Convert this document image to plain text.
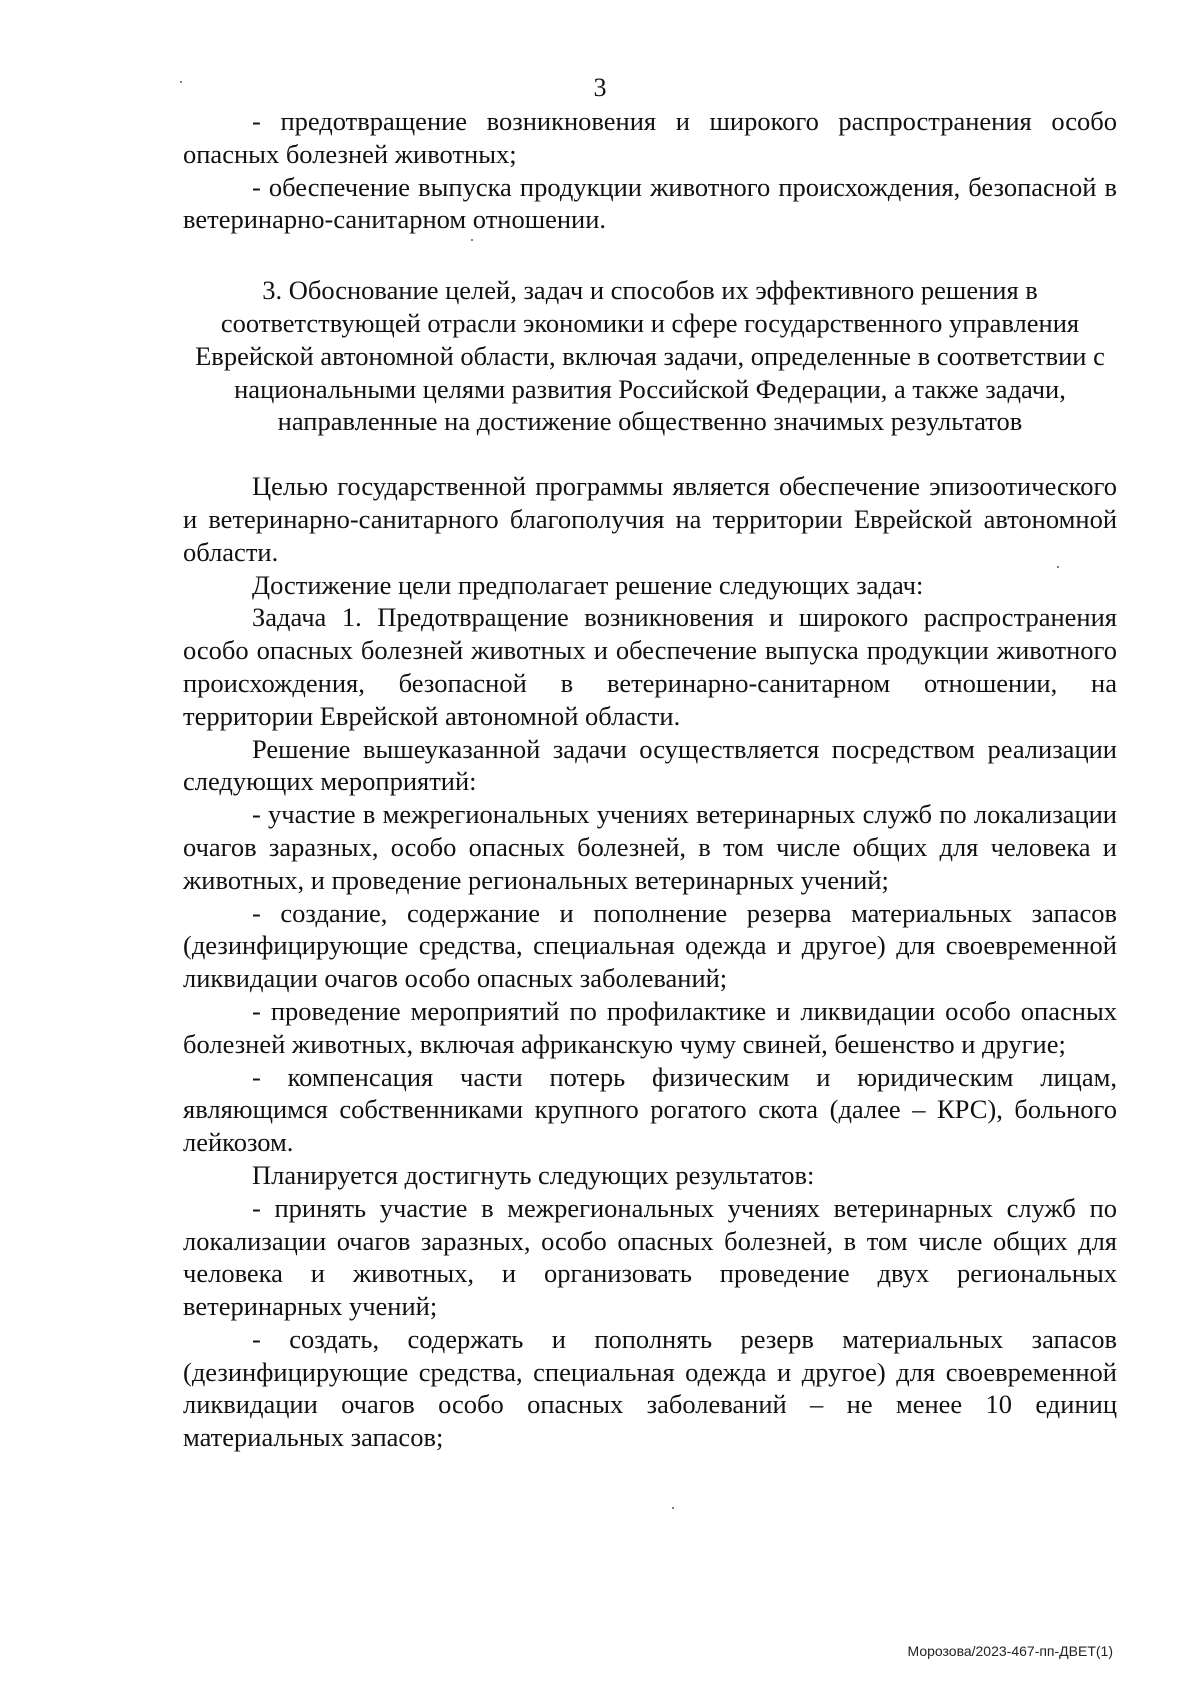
3

- предотвращение возникновения и широкого распространения особо опасных болезней животных;

- обеспечение выпуска продукции животного происхождения, безопасной в ветеринарно-санитарном отношении.

3. Обоснование целей, задач и способов их эффективного решения в соответствующей отрасли экономики и сфере государственного управления Еврейской автономной области, включая задачи, определенные в соответствии с национальными целями развития Российской Федерации, а также задачи, направленные на достижение общественно значимых результатов

Целью государственной программы является обеспечение эпизоотического и ветеринарно-санитарного благополучия на территории Еврейской автономной области.

Достижение цели предполагает решение следующих задач:

Задача 1. Предотвращение возникновения и широкого распространения особо опасных болезней животных и обеспечение выпуска продукции животного происхождения, безопасной в ветеринарно-санитарном отношении, на территории Еврейской автономной области.

Решение вышеуказанной задачи осуществляется посредством реализации следующих мероприятий:

- участие в межрегиональных учениях ветеринарных служб по локализации очагов заразных, особо опасных болезней, в том числе общих для человека и животных, и проведение региональных ветеринарных учений;

- создание, содержание и пополнение резерва материальных запасов (дезинфицирующие средства, специальная одежда и другое) для своевременной ликвидации очагов особо опасных заболеваний;

- проведение мероприятий по профилактике и ликвидации особо опасных болезней животных, включая африканскую чуму свиней, бешенство и другие;

- компенсация части потерь физическим и юридическим лицам, являющимся собственниками крупного рогатого скота (далее – КРС), больного лейкозом.

Планируется достигнуть следующих результатов:

- принять участие в межрегиональных учениях ветеринарных служб по локализации очагов заразных, особо опасных болезней, в том числе общих для человека и животных, и организовать проведение двух региональных ветеринарных учений;

- создать, содержать и пополнять резерв материальных запасов (дезинфицирующие средства, специальная одежда и другое) для своевременной ликвидации очагов особо опасных заболеваний – не менее 10 единиц материальных запасов;

Морозова/2023-467-пп-ДВЕТ(1)
